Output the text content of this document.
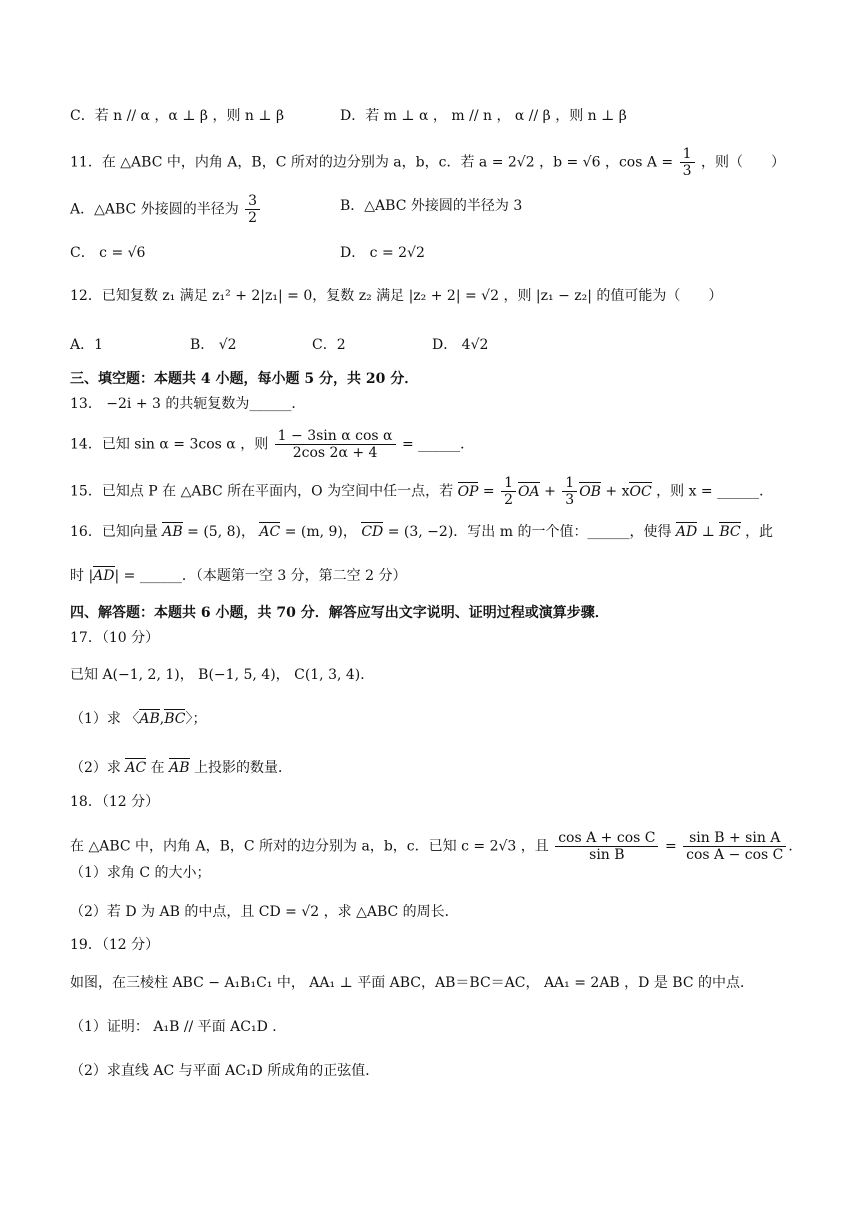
C．若 n // α ，α ⊥ β ，则 n ⊥ β	D．若 m ⊥ α ， m // n ， α // β ，则 n ⊥ β
11．在 △ABC 中，内角 A，B，C 所对的边分别为 a，b，c．若 a = 2√2 ，b = √6 ，$\cos A = \frac{1}{3}$ ，则（　　）
A．△ABC 外接圆的半径为 $\frac{3}{2}$	B．△ABC 外接圆的半径为 3
C． c = √6	D． c = 2√2
12．已知复数 z₁ 满足 z₁² + 2|z₁| = 0，复数 z₂ 满足 |z₂ + 2| = √2 ，则 |z₁ − z₂| 的值可能为（　　）
A．1	B． √2	C．2	D． 4√2
三、填空题：本题共 4 小题，每小题 5 分，共 20 分．
13． −2i + 3 的共轭复数为______．
14．已知 sin α = 3cos α ，则 $\frac{\text{1 − 3sin α cos α}}{2\cos 2\alpha + 4}$ = ______．
15．已知点 P 在 △ABC 所在平面内，O 为空间中任一点，若 OP = $\frac{1}{2}$ OA + $\frac{1}{3}$ OB + xOC ，则 x = ______．
16．已知向量 AB = (5, 8)， AC = (m, 9)， CD = (3, −2)．写出 m 的一个值：______，使得 AD ⊥ BC ，此
时 |AD| = ______．（本题第一空 3 分，第二空 2 分）
四、解答题：本题共 6 小题，共 70 分．解答应写出文字说明、证明过程或演算步骤．
17．（10 分）
已知 A(−1, 2, 1)， B(−1, 5, 4)， C(1, 3, 4)．
（1）求 〈AB,BC〉；
（2）求 AC 在 AB 上投影的数量．
18．（12 分）
在 △ABC 中，内角 A，B，C 所对的边分别为 a，b，c．已知 c = 2√3 ，且 $\frac{\text{cos A + cos C}}{\text{sin B}} = \frac{\text{sin B + sin A}}{\text{cos A − cos C}}$ ．
（1）求角 C 的大小；
（2）若 D 为 AB 的中点，且 CD = √2 ，求 △ABC 的周长．
19．（12 分）
如图，在三棱柱 ABC − A₁B₁C₁ 中， AA₁ ⊥ 平面 ABC，AB＝BC＝AC， AA₁ = 2AB ，D 是 BC 的中点．
（1）证明： A₁B // 平面 AC₁D ．
（2）求直线 AC 与平面 AC₁D 所成角的正弦值．
